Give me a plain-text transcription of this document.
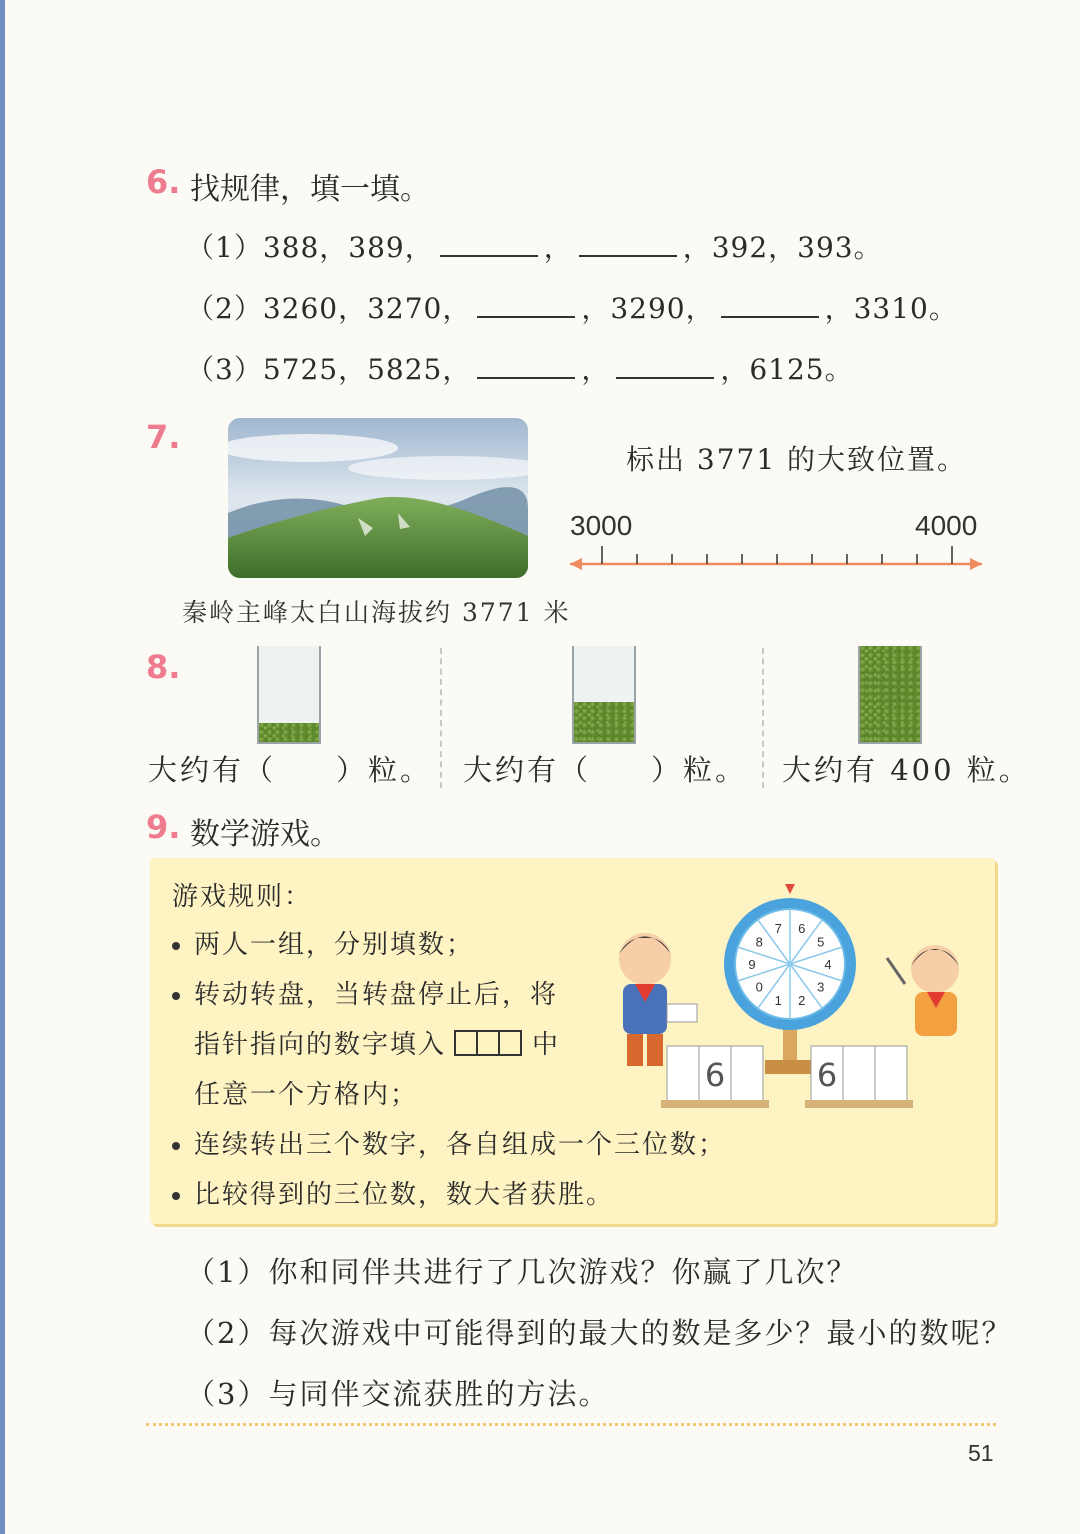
6. 找规律，填一填。
（1）388，389，	，	，392，393。
（2）3260，3270，	，3290，	，3310。
（3）5725，5825，	，	，6125。
7.
标出 3771 的大致位置。
3000	4000
秦岭主峰太白山海拔约 3771 米
8.
大约有（ ）粒。 大约有（ ）粒。 大约有 400 粒。
9. 数学游戏。
游戏规则：
两人一组，分别填数；
转动转盘，当转盘停止后，将
指针指向的数字填入	中
任意一个方格内；
连续转出三个数字，各自组成一个三位数；
比较得到的三位数，数大者获胜。
6
5
4
3
2
1
0
9
8
7
6	6
（1）你和同伴共进行了几次游戏？你赢了几次？
（2）每次游戏中可能得到的最大的数是多少？最小的数呢？
（3）与同伴交流获胜的方法。
51
